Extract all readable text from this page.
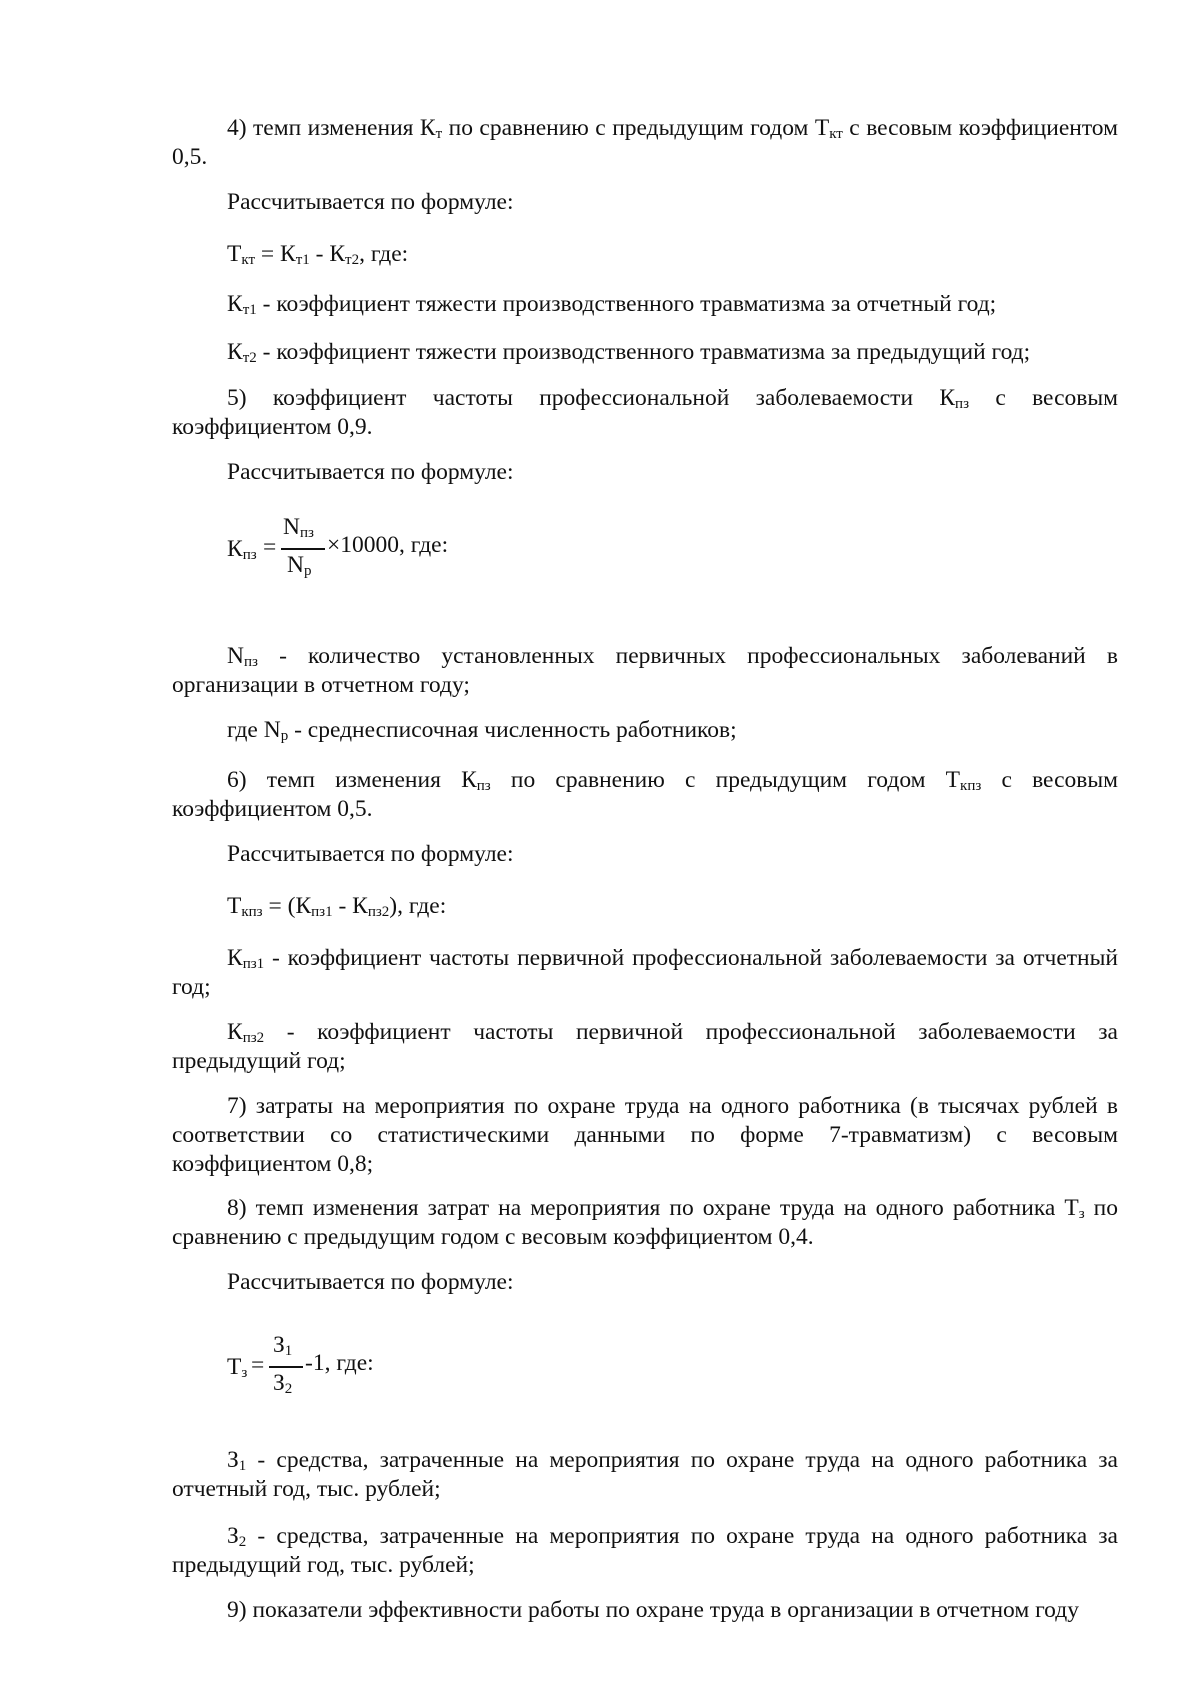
4) темп изменения $К_т$ по сравнению с предыдущим годом $Т_{кт}$ с весовым коэффициентом 0,5.
Рассчитывается по формуле:
$Т_{кт} = К_{т1} - К_{т2}$, где:
$К_{т1}$ - коэффициент тяжести производственного травматизма за отчетный год;
$К_{т2}$ - коэффициент тяжести производственного травматизма за предыдущий год;
5) коэффициент частоты профессиональной заболеваемости $К_{пз}$ с весовым коэффициентом 0,9.
Рассчитывается по формуле:
$К_{пз}$ =
$N_{пз}$
$N_р$
×10000, где:
$N_{пз}$ - количество установленных первичных профессиональных заболеваний в организации в отчетном году;
где $N_р$ - среднесписочная численность работников;
6) темп изменения $К_{пз}$ по сравнению с предыдущим годом $Т_{кпз}$ с весовым коэффициентом 0,5.
Рассчитывается по формуле:
$Т_{кпз} = (К_{пз1} - К_{пз2})$, где:
$К_{пз1}$ - коэффициент частоты первичной профессиональной заболеваемости за отчетный год;
$К_{пз2}$ - коэффициент частоты первичной профессиональной заболеваемости за предыдущий год;
7) затраты на мероприятия по охране труда на одного работника (в тысячах рублей в соответствии со статистическими данными по форме 7-травматизм) с весовым коэффициентом 0,8;
8) темп изменения затрат на мероприятия по охране труда на одного работника $Т_з$ по сравнению с предыдущим годом с весовым коэффициентом 0,4.
Рассчитывается по формуле:
$Т_з$ =
$З_1$
$З_2$
-1, где:
$З_1$ - средства, затраченные на мероприятия по охране труда на одного работника за отчетный год, тыс. рублей;
$З_2$ - средства, затраченные на мероприятия по охране труда на одного работника за предыдущий год, тыс. рублей;
9) показатели эффективности работы по охране труда в организации в отчетном году
